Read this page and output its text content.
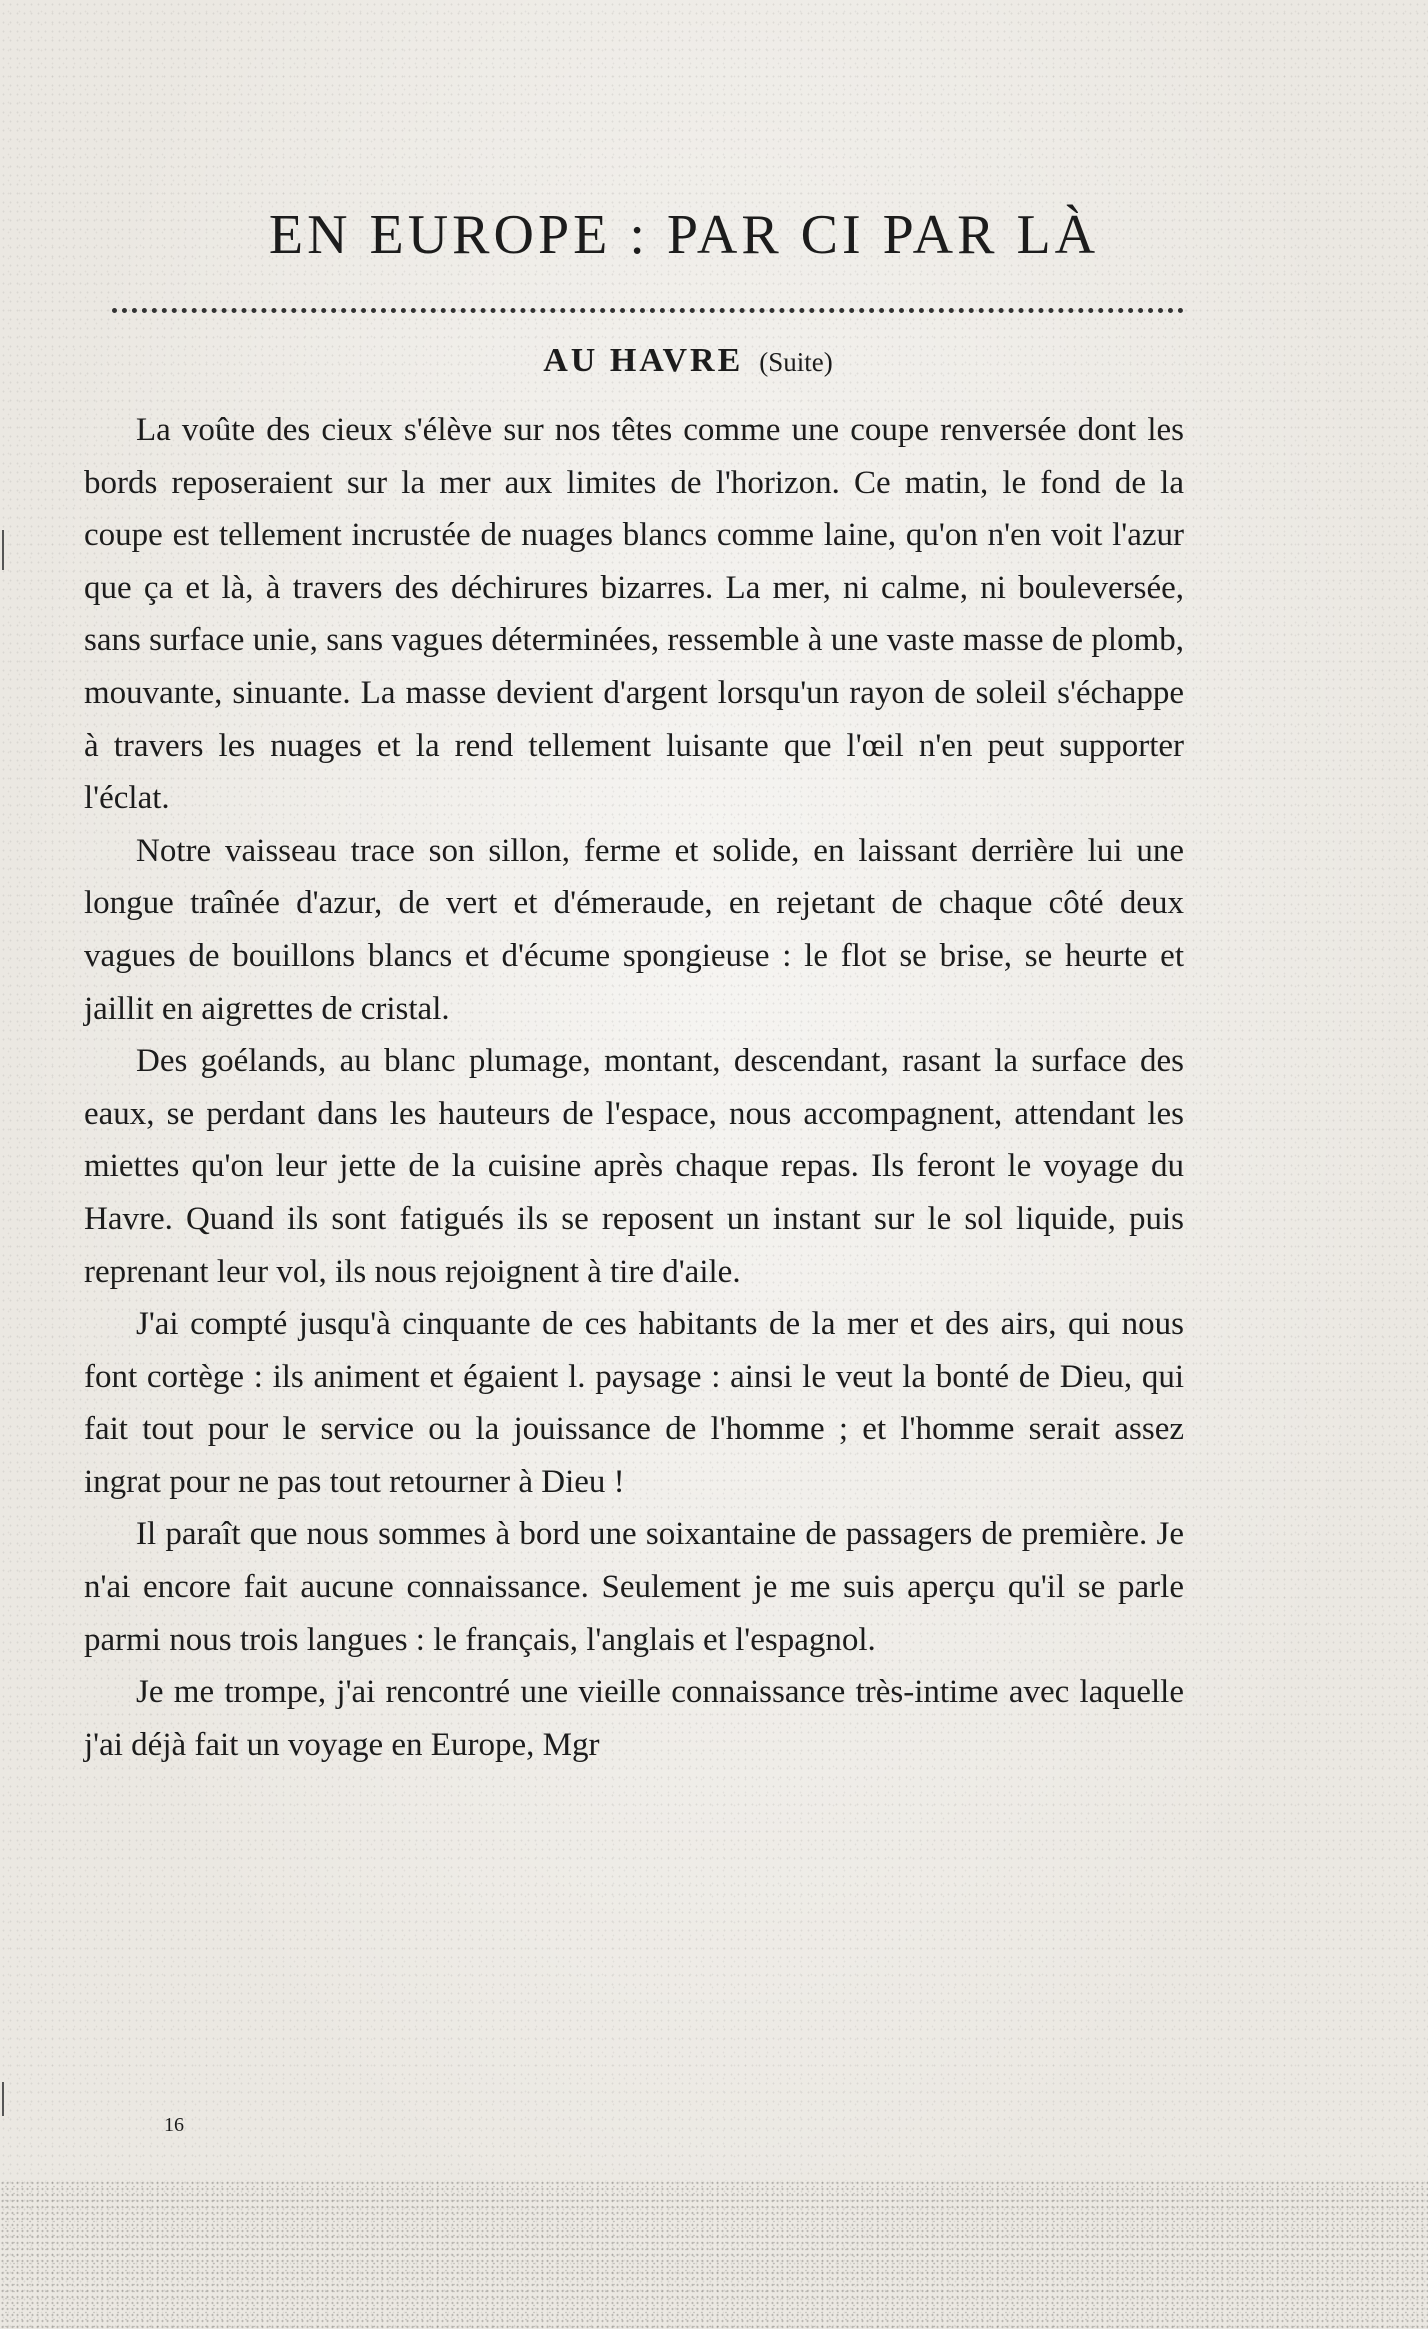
EN EUROPE : PAR CI PAR LÀ
AU HAVRE (Suite)

La voûte des cieux s'élève sur nos têtes comme une coupe renversée dont les bords reposeraient sur la mer aux limites de l'horizon. Ce matin, le fond de la coupe est tellement incrustée de nuages blancs comme laine, qu'on n'en voit l'azur que ça et là, à travers des déchirures bizarres. La mer, ni calme, ni bouleversée, sans surface unie, sans vagues déterminées, ressemble à une vaste masse de plomb, mouvante, sinuante. La masse devient d'argent lorsqu'un rayon de soleil s'échappe à travers les nuages et la rend tellement luisante que l'œil n'en peut supporter l'éclat.

Notre vaisseau trace son sillon, ferme et solide, en laissant derrière lui une longue traînée d'azur, de vert et d'émeraude, en rejetant de chaque côté deux vagues de bouillons blancs et d'écume spongieuse : le flot se brise, se heurte et jaillit en aigrettes de cristal.

Des goélands, au blanc plumage, montant, descendant, rasant la surface des eaux, se perdant dans les hauteurs de l'espace, nous accompagnent, attendant les miettes qu'on leur jette de la cuisine après chaque repas. Ils feront le voyage du Havre. Quand ils sont fatigués ils se reposent un instant sur le sol liquide, puis reprenant leur vol, ils nous rejoignent à tire d'aile.

J'ai compté jusqu'à cinquante de ces habitants de la mer et des airs, qui nous font cortège : ils animent et égaient l. paysage : ainsi le veut la bonté de Dieu, qui fait tout pour le service ou la jouissance de l'homme ; et l'homme serait assez ingrat pour ne pas tout retourner à Dieu !

Il paraît que nous sommes à bord une soixantaine de passagers de première. Je n'ai encore fait aucune connaissance. Seulement je me suis aperçu qu'il se parle parmi nous trois langues : le français, l'anglais et l'espagnol.

Je me trompe, j'ai rencontré une vieille connaissance très-intime avec laquelle j'ai déjà fait un voyage en Europe, Mgr

16
